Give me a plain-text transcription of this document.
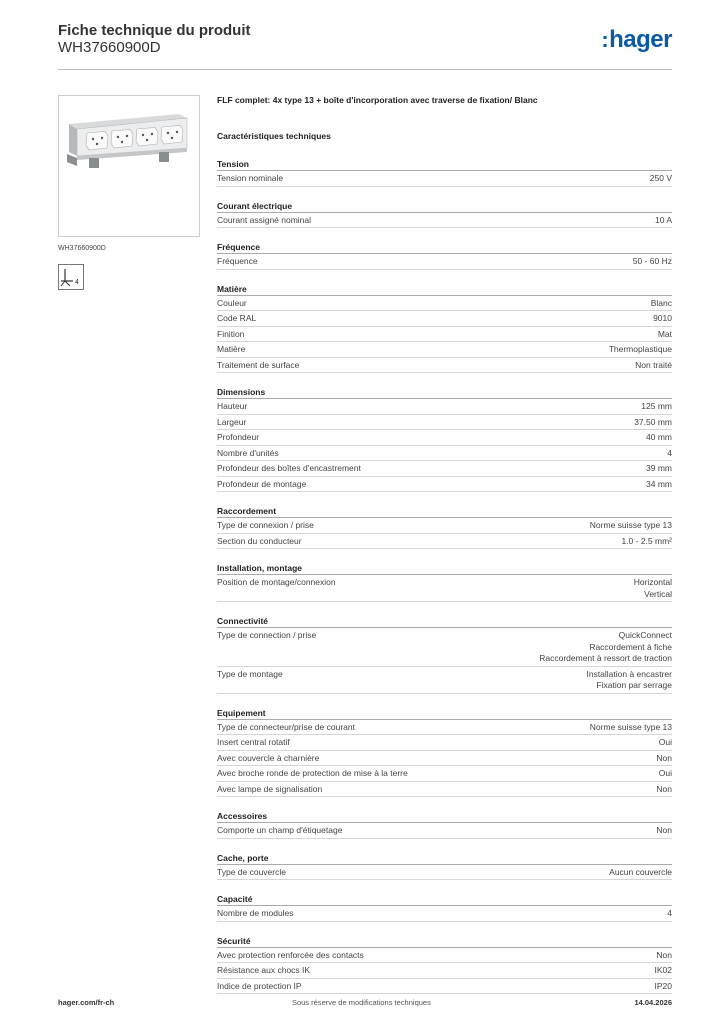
Fiche technique du produit
WH37660900D	:hager
WH37660900D
4
FLF complet: 4x type 13 + boîte d'incorporation avec traverse de fixation/ Blanc
Caractéristiques techniques
Tension
Tension nominale	250 V
Courant électrique
Courant assigné nominal	10 A
Fréquence
Fréquence	50 - 60 Hz
Matière
Couleur	Blanc
Code RAL	9010
Finition	Mat
Matière	Thermoplastique
Traitement de surface	Non traité
Dimensions
Hauteur	125 mm
Largeur	37.50 mm
Profondeur	40 mm
Nombre d'unités	4
Profondeur des boîtes d'encastrement	39 mm
Profondeur de montage	34 mm
Raccordement
Type de connexion / prise	Norme suisse type 13
Section du conducteur	1.0 - 2.5 mm²
Installation, montage
Position de montage/connexion	Horizontal
Vertical
Connectivité
Type de connection / prise	QuickConnect
Raccordement à fiche
Raccordement à ressort de traction
Type de montage	Installation à encastrer
Fixation par serrage
Equipement
Type de connecteur/prise de courant	Norme suisse type 13
Insert central rotatif	Oui
Avec couvercle à charnière	Non
Avec broche ronde de protection de mise à la terre	Oui
Avec lampe de signalisation	Non
Accessoires
Comporte un champ d'étiquetage	Non
Cache, porte
Type de couvercle	Aucun couvercle
Capacité
Nombre de modules	4
Sécurité
Avec protection renforcée des contacts	Non
Résistance aux chocs IK	IK02
Indice de protection IP	IP20
hager.com/fr-ch	Sous réserve de modifications techniques	14.04.2026
